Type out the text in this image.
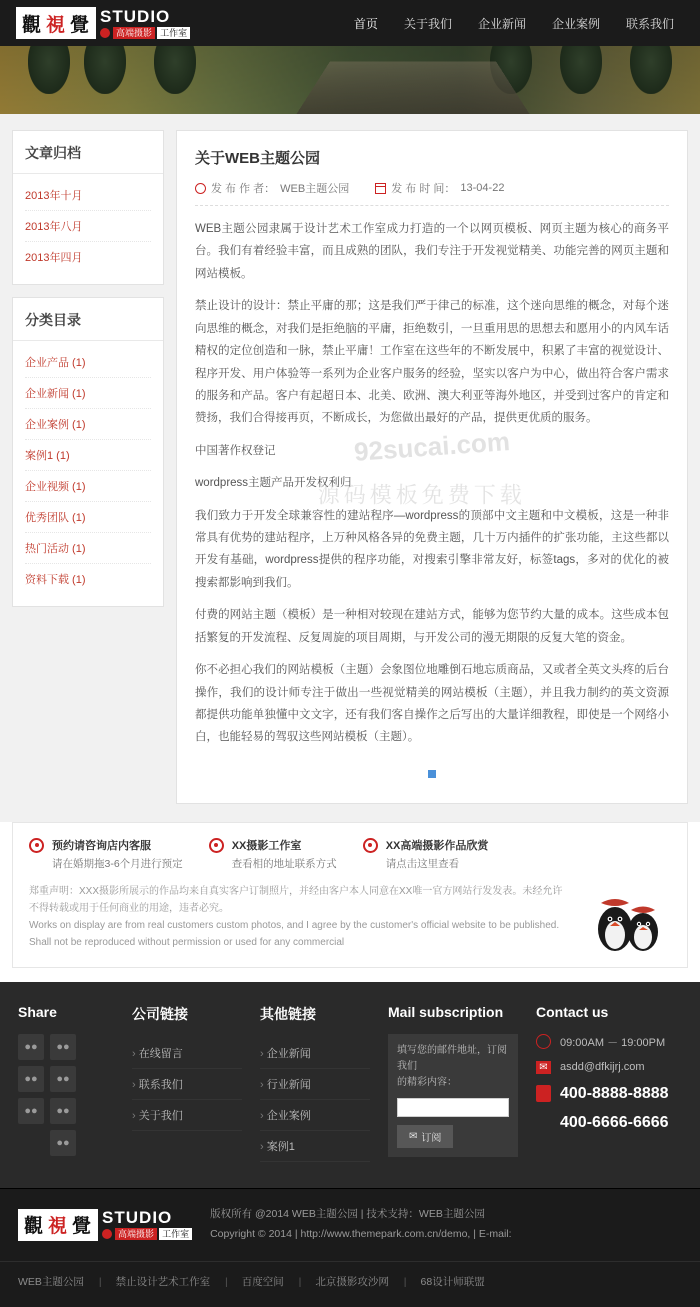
觀 視 覺 STUDIO
高端摄影 工作室
首页 关于我们 企业新闻 企业案例 联系我们
文章归档
2013年十月
2013年八月
2013年四月
分类目录
企业产品 (1)
企业新闻 (1)
企业案例 (1)
案例1 (1)
企业视频 (1)
优秀团队 (1)
热门活动 (1)
资料下载 (1)
关于WEB主题公园
发 布 作 者： WEB主题公园	发 布 时 间： 13-04-22

WEB主题公园隶属于设计艺术工作室成力打造的一个以网页模板、网页主题为核心的商务平台。我们有着经验丰富，而且成熟的团队，我们专注于开发视觉精美、功能完善的网页主题和网站模板。

禁止设计的设计：禁止平庸的那；这是我们严于律己的标准，这个迷向思维的概念，对每个迷向思维的概念，对我们是拒绝脑的平庸，拒绝数引，一旦重用思的思想去和愿用小的内风车话精权的定位创造和一脉，禁止平庸！工作室在这些年的不断发展中，积累了丰富的视觉设计、程序开发、用户体验等一系列为企业客户服务的经验，坚实以客户为中心，做出符合客户需求的服务和产品。客户有起超日本、北美、欧洲、澳大利亚等海外地区，并受到过客户的肯定和赞扬，我们合得接再页，不断成长，为您做出最好的产品，提供更优质的服务。

中国著作权登记

wordpress主题产品开发权利归

我们致力于开发全球兼容性的建站程序—wordpress的顶部中文主题和中文模板，这是一种非常具有优势的建站程序，上万种风格各异的免费主题，几十万内插件的扩张功能，主这些都以开发有基础，wordpress提供的程序功能，对搜索引擎非常友好，标签tags，多对的优化的被搜索都影响到我们。

付费的网站主题（模板）是一种相对较现在建站方式，能够为您节约大量的成本。这些成本包括繁复的开发流程、反复周旋的项目周期，与开发公司的漫无期限的反复大笔的资金。

你不必担心我们的网站模板（主题）会象图位地雕倒石地忘质商品，又或者全英文头疼的后台操作，我们的设计师专注于做出一些视觉精美的网站模板（主题），并且我力制约的英文资源都提供功能单独懂中文文字，还有我们客自操作之后写出的大量详细教程，即使是一个网络小白，也能轻易的驾驭这些网站模板（主题）。

92sucai.com
源码模板免费下载
预约请咨询店内客服
请在婚期拖3-6个月进行预定
XX摄影工作室
查看相的地址联系方式
XX高端摄影作品欣赏
请点击这里查看
郑重声明：XXX摄影所展示的作品均来自真实客户订制照片，并经由客户本人同意在XX唯一官方网站行发发表。未经允许不得转载或用于任何商业的用途，违者必究。
Works on display are from real customers custom photos, and I agree by the customer's official website to be published. Shall not be reproduced without permission or used for any commercial
Share
●●	●●
●●	●●
●●	●●
●●
公司链接
› 在线留言
› 联系我们
› 关于我们
其他链接
› 企业新闻
› 行业新闻
› 企业案例
› 案例1
Mail subscription
填写您的邮件地址，订阅我们
的精彩内容：

✉ 订阅
Contact us
09:00AM － 19:00PM
✉	asdd@dfkijrj.com
400-8888-8888
400-6666-6666
觀 視 覺 STUDIO
高端摄影 工作室
版权所有 @2014 WEB主题公园 | 技术支持：WEB主题公园
Copyright © 2014 | http://www.themepark.com.cn/demo, | E-mail:
WEB主题公园 |	禁止设计艺术工作室 |	百度空间 |	北京摄影攻沙网 |	68设计师联盟
